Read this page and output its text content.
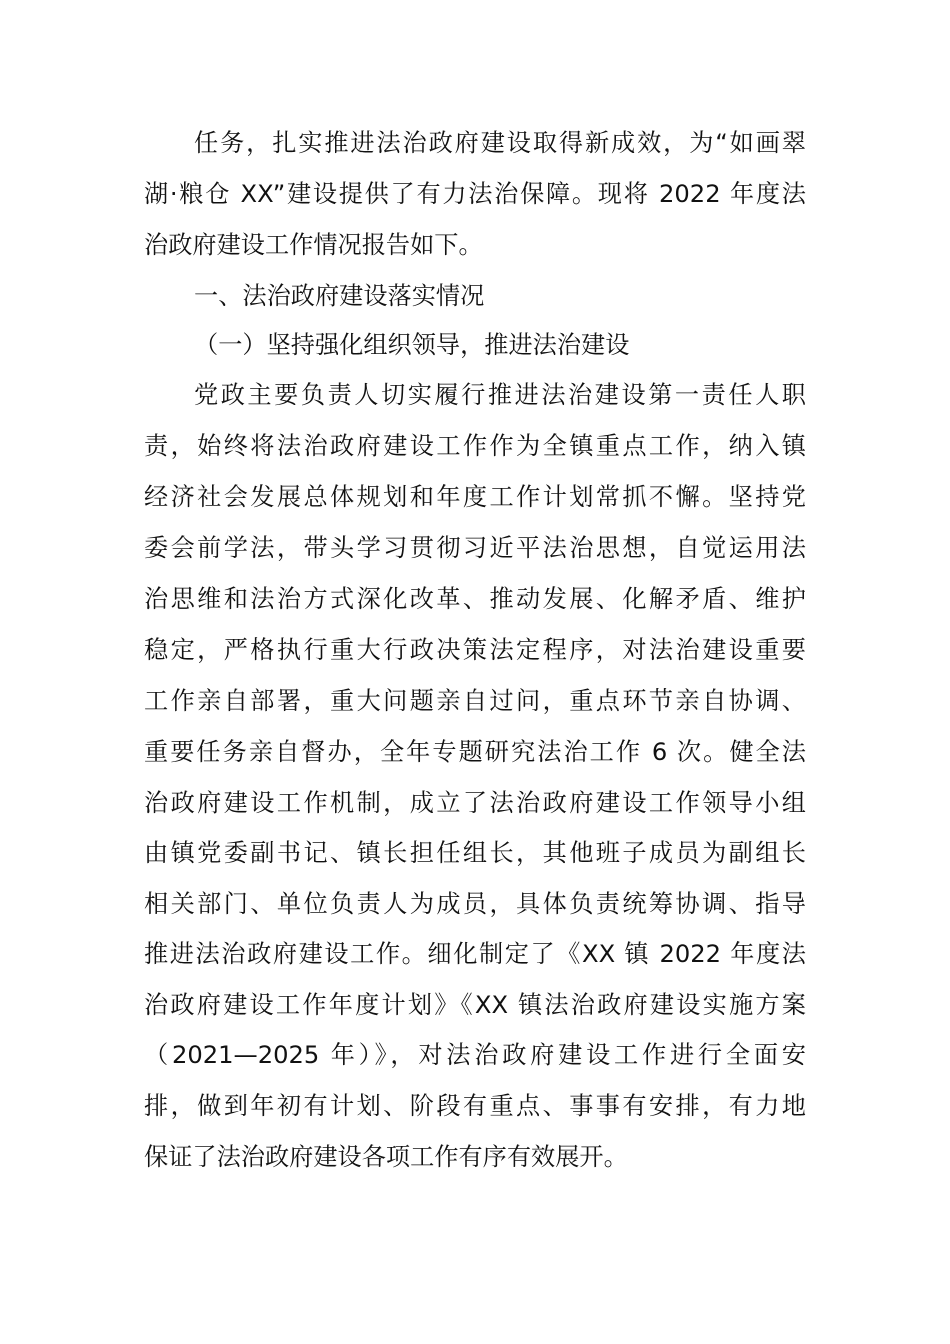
任务，扎实推进法治政府建设取得新成效，为“如画翠
湖·粮仓 XX”建设提供了有力法治保障。现将 2022 年度法
治政府建设工作情况报告如下。
一、法治政府建设落实情况
（一）坚持强化组织领导，推进法治建设
党政主要负责人切实履行推进法治建设第一责任人职
责，始终将法治政府建设工作作为全镇重点工作，纳入镇
经济社会发展总体规划和年度工作计划常抓不懈。坚持党
委会前学法，带头学习贯彻习近平法治思想，自觉运用法
治思维和法治方式深化改革、推动发展、化解矛盾、维护
稳定，严格执行重大行政决策法定程序，对法治建设重要
工作亲自部署，重大问题亲自过问，重点环节亲自协调、
重要任务亲自督办，全年专题研究法治工作 6 次。健全法
治政府建设工作机制，成立了法治政府建设工作领导小组
由镇党委副书记、镇长担任组长，其他班子成员为副组长
相关部门、单位负责人为成员，具体负责统筹协调、指导
推进法治政府建设工作。细化制定了《XX 镇 2022 年度法
治政府建设工作年度计划》《XX 镇法治政府建设实施方案
（2021—2025 年）》，对法治政府建设工作进行全面安
排，做到年初有计划、阶段有重点、事事有安排，有力地
保证了法治政府建设各项工作有序有效展开。
